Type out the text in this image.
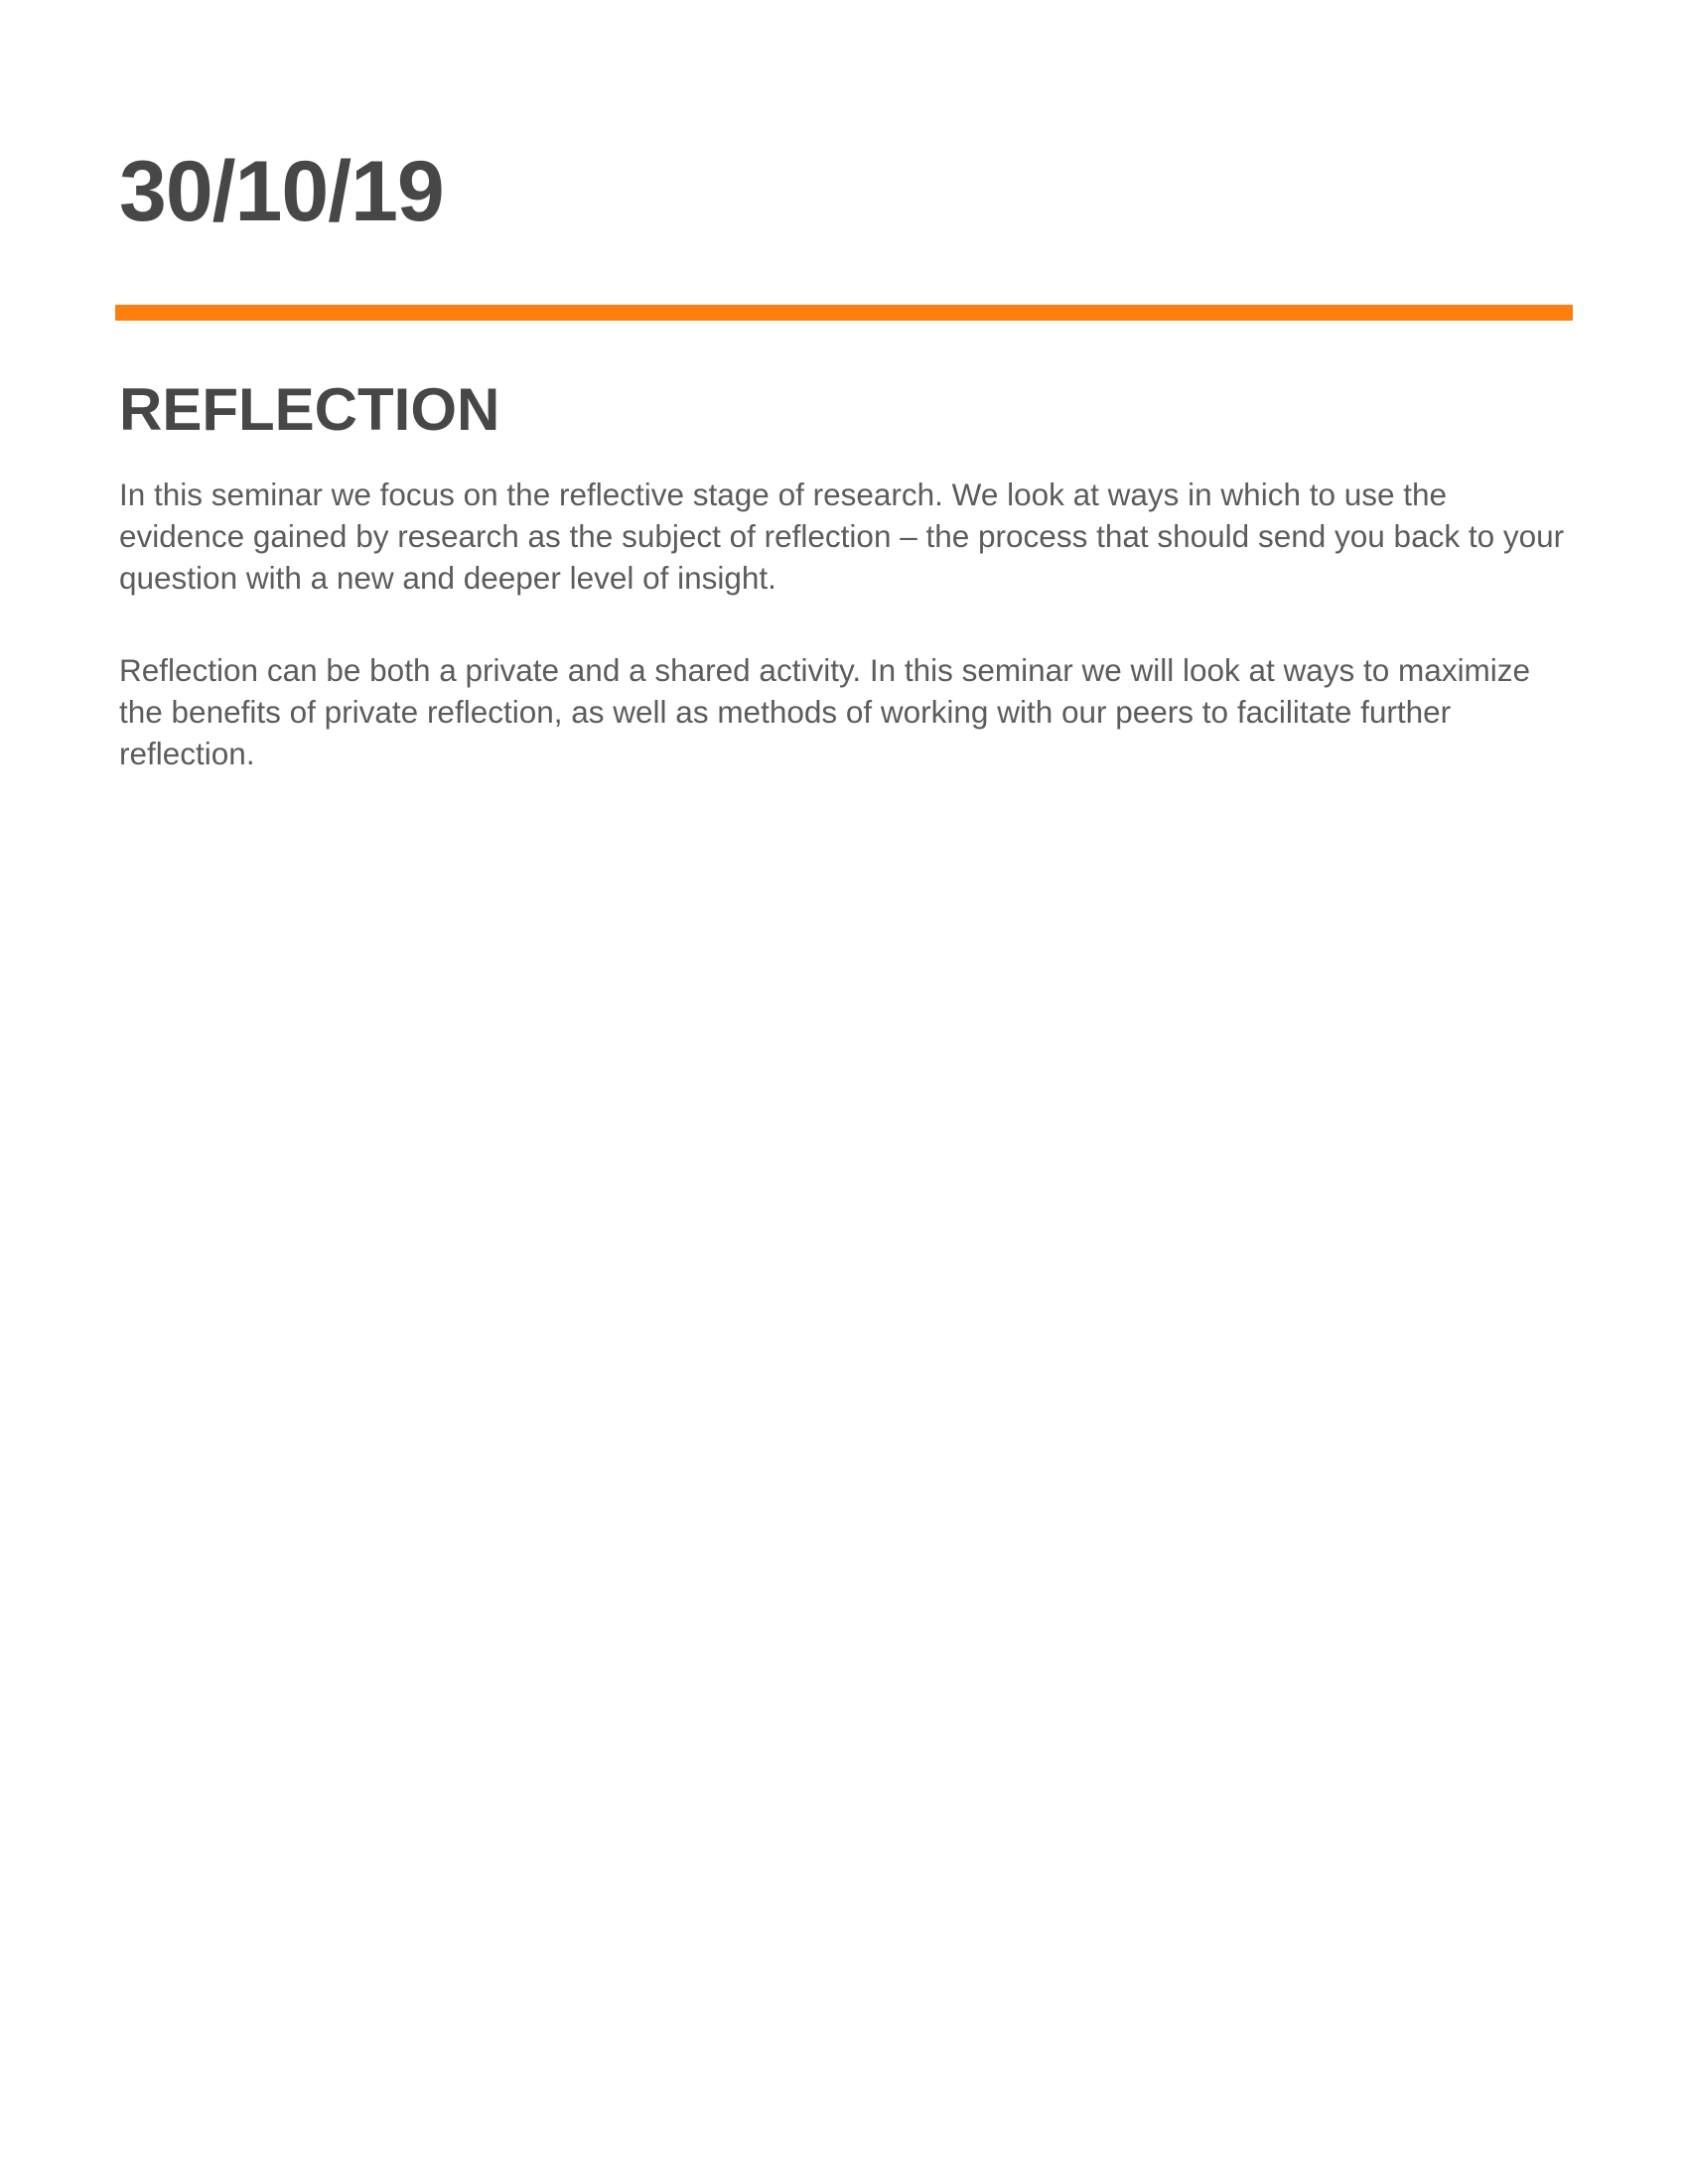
30/10/19
REFLECTION

In this seminar we focus on the reflective stage of research. We look at ways in which to use the evidence gained by research as the subject of reflection – the process that should send you back to your question with a new and deeper level of insight.

Reflection can be both a private and a shared activity. In this seminar we will look at ways to maximize the benefits of private reflection, as well as methods of working with our peers to facilitate further reflection.
